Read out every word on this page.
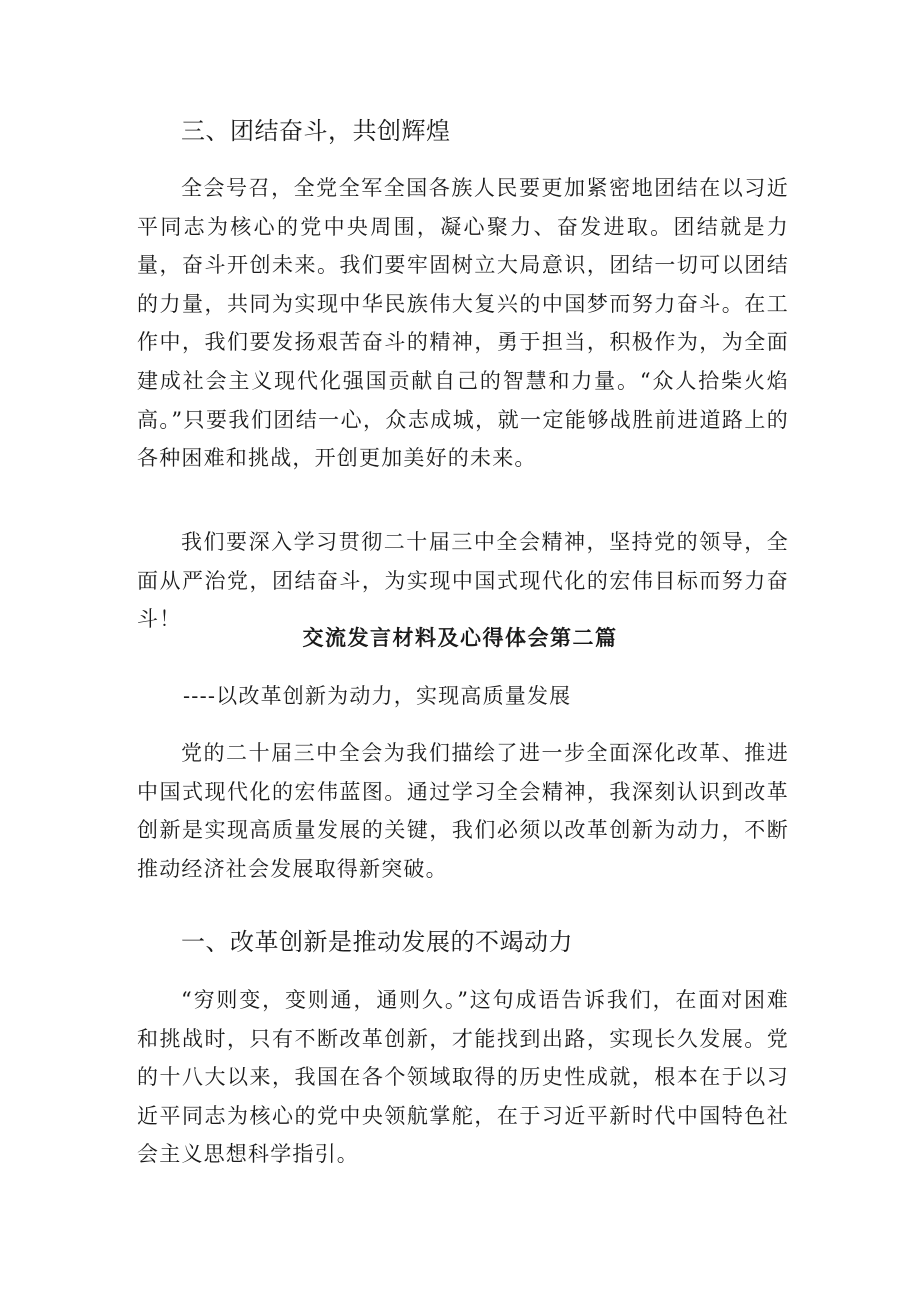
三、团结奋斗，共创辉煌

全会号召，全党全军全国各族人民要更加紧密地团结在以习近平同志为核心的党中央周围，凝心聚力、奋发进取。团结就是力量，奋斗开创未来。我们要牢固树立大局意识，团结一切可以团结的力量，共同为实现中华民族伟大复兴的中国梦而努力奋斗。在工作中，我们要发扬艰苦奋斗的精神，勇于担当，积极作为，为全面建成社会主义现代化强国贡献自己的智慧和力量。“众人拾柴火焰高。”只要我们团结一心，众志成城，就一定能够战胜前进道路上的各种困难和挑战，开创更加美好的未来。

我们要深入学习贯彻二十届三中全会精神，坚持党的领导，全面从严治党，团结奋斗，为实现中国式现代化的宏伟目标而努力奋斗！

交流发言材料及心得体会第二篇

----以改革创新为动力，实现高质量发展

党的二十届三中全会为我们描绘了进一步全面深化改革、推进中国式现代化的宏伟蓝图。通过学习全会精神，我深刻认识到改革创新是实现高质量发展的关键，我们必须以改革创新为动力，不断推动经济社会发展取得新突破。

一、改革创新是推动发展的不竭动力

“穷则变，变则通，通则久。”这句成语告诉我们，在面对困难和挑战时，只有不断改革创新，才能找到出路，实现长久发展。党的十八大以来，我国在各个领域取得的历史性成就，根本在于以习近平同志为核心的党中央领航掌舵，在于习近平新时代中国特色社会主义思想科学指引。
